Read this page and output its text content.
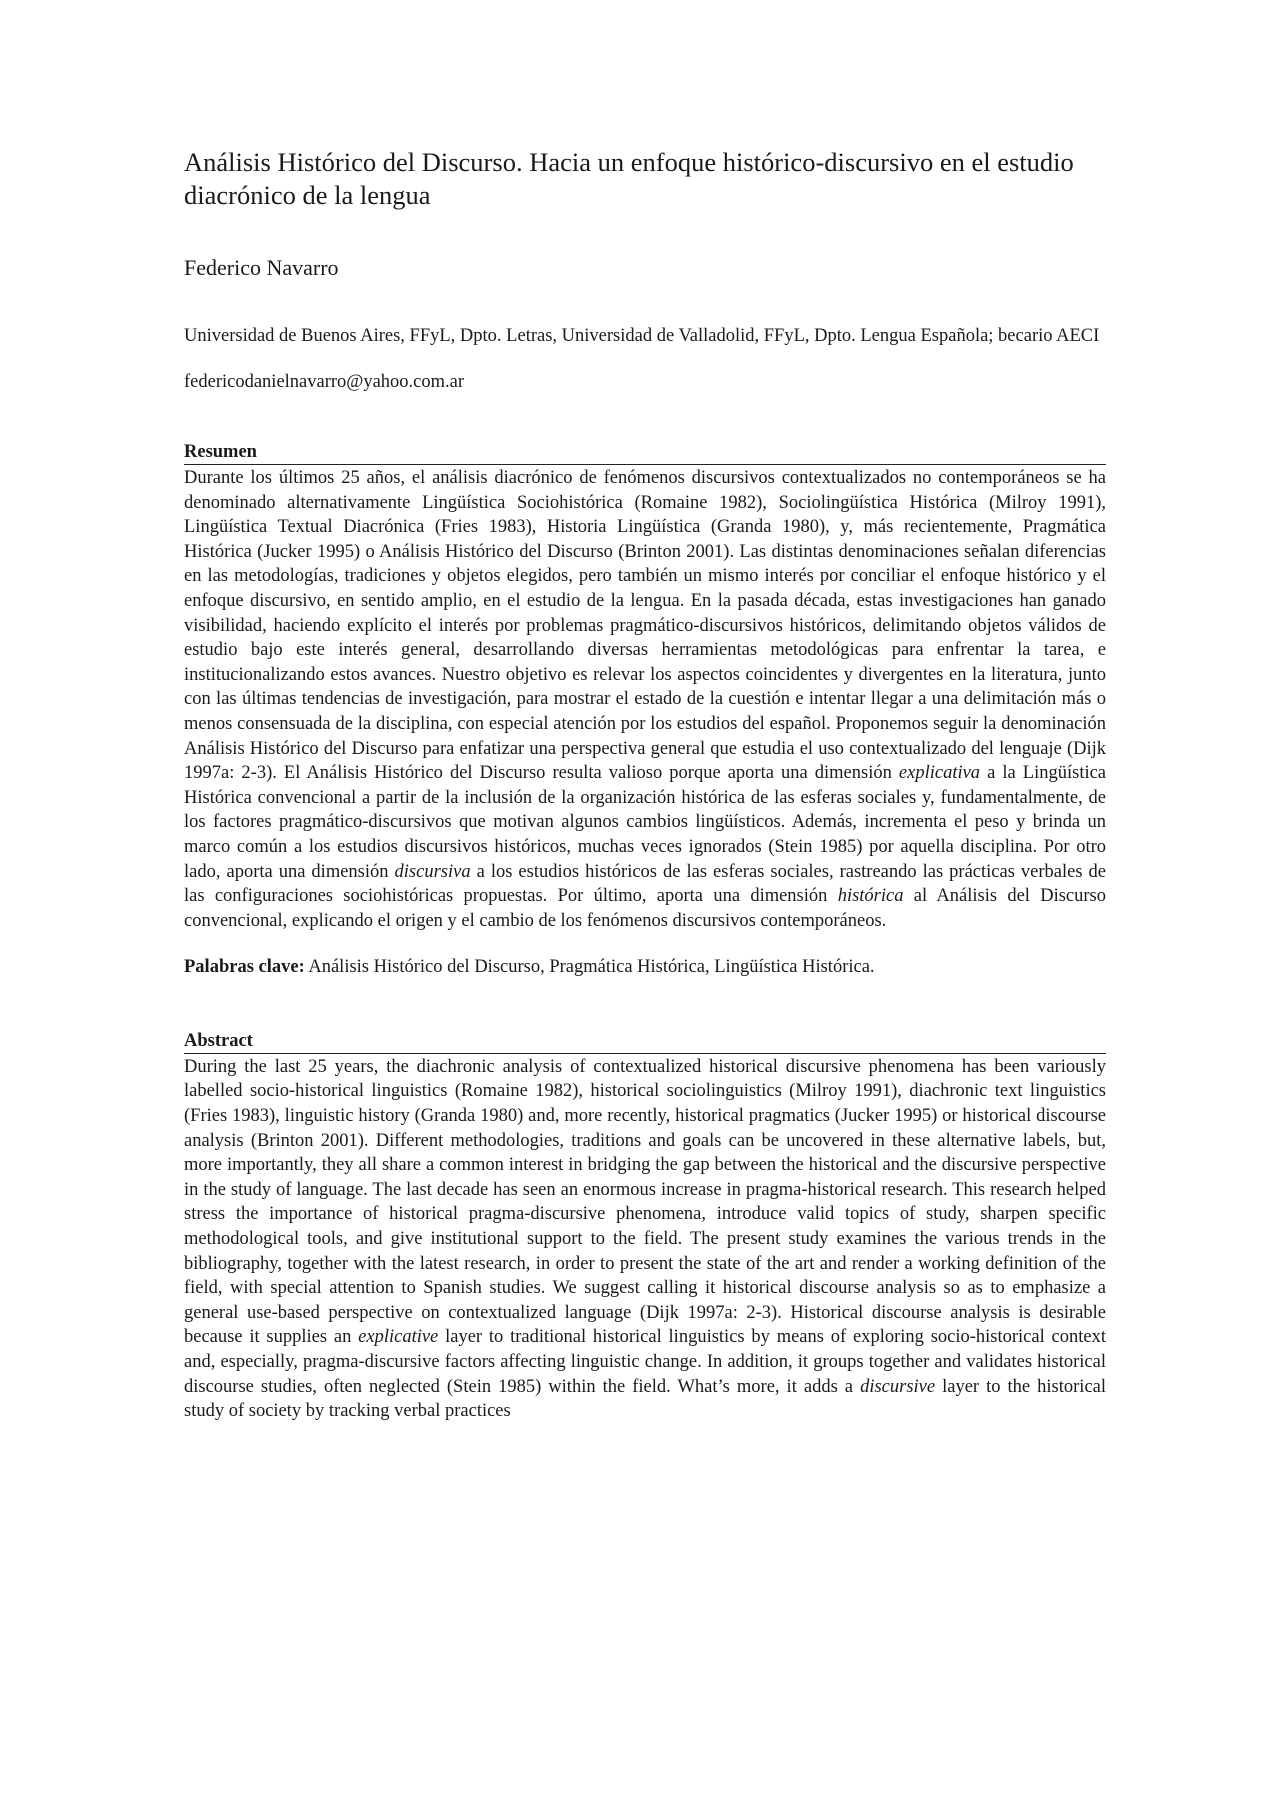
Análisis Histórico del Discurso. Hacia un enfoque histórico-discursivo en el estudio diacrónico de la lengua
Federico Navarro
Universidad de Buenos Aires, FFyL, Dpto. Letras, Universidad de Valladolid, FFyL, Dpto. Lengua Española; becario AECI
federicodanielnavarro@yahoo.com.ar
Resumen
Durante los últimos 25 años, el análisis diacrónico de fenómenos discursivos contextualizados no contemporáneos se ha denominado alternativamente Lingüística Sociohistórica (Romaine 1982), Sociolingüística Histórica (Milroy 1991), Lingüística Textual Diacrónica (Fries 1983), Historia Lingüística (Granda 1980), y, más recientemente, Pragmática Histórica (Jucker 1995) o Análisis Histórico del Discurso (Brinton 2001). Las distintas denominaciones señalan diferencias en las metodologías, tradiciones y objetos elegidos, pero también un mismo interés por conciliar el enfoque histórico y el enfoque discursivo, en sentido amplio, en el estudio de la lengua. En la pasada década, estas investigaciones han ganado visibilidad, haciendo explícito el interés por problemas pragmático-discursivos históricos, delimitando objetos válidos de estudio bajo este interés general, desarrollando diversas herramientas metodológicas para enfrentar la tarea, e institucionalizando estos avances. Nuestro objetivo es relevar los aspectos coincidentes y divergentes en la literatura, junto con las últimas tendencias de investigación, para mostrar el estado de la cuestión e intentar llegar a una delimitación más o menos consensuada de la disciplina, con especial atención por los estudios del español. Proponemos seguir la denominación Análisis Histórico del Discurso para enfatizar una perspectiva general que estudia el uso contextualizado del lenguaje (Dijk 1997a: 2-3). El Análisis Histórico del Discurso resulta valioso porque aporta una dimensión explicativa a la Lingüística Histórica convencional a partir de la inclusión de la organización histórica de las esferas sociales y, fundamentalmente, de los factores pragmático-discursivos que motivan algunos cambios lingüísticos. Además, incrementa el peso y brinda un marco común a los estudios discursivos históricos, muchas veces ignorados (Stein 1985) por aquella disciplina. Por otro lado, aporta una dimensión discursiva a los estudios históricos de las esferas sociales, rastreando las prácticas verbales de las configuraciones sociohistóricas propuestas. Por último, aporta una dimensión histórica al Análisis del Discurso convencional, explicando el origen y el cambio de los fenómenos discursivos contemporáneos.
Palabras clave: Análisis Histórico del Discurso, Pragmática Histórica, Lingüística Histórica.
Abstract
During the last 25 years, the diachronic analysis of contextualized historical discursive phenomena has been variously labelled socio-historical linguistics (Romaine 1982), historical sociolinguistics (Milroy 1991), diachronic text linguistics (Fries 1983), linguistic history (Granda 1980) and, more recently, historical pragmatics (Jucker 1995) or historical discourse analysis (Brinton 2001). Different methodologies, traditions and goals can be uncovered in these alternative labels, but, more importantly, they all share a common interest in bridging the gap between the historical and the discursive perspective in the study of language. The last decade has seen an enormous increase in pragma-historical research. This research helped stress the importance of historical pragma-discursive phenomena, introduce valid topics of study, sharpen specific methodological tools, and give institutional support to the field. The present study examines the various trends in the bibliography, together with the latest research, in order to present the state of the art and render a working definition of the field, with special attention to Spanish studies. We suggest calling it historical discourse analysis so as to emphasize a general use-based perspective on contextualized language (Dijk 1997a: 2-3). Historical discourse analysis is desirable because it supplies an explicative layer to traditional historical linguistics by means of exploring socio-historical context and, especially, pragma-discursive factors affecting linguistic change. In addition, it groups together and validates historical discourse studies, often neglected (Stein 1985) within the field. What’s more, it adds a discursive layer to the historical study of society by tracking verbal practices
